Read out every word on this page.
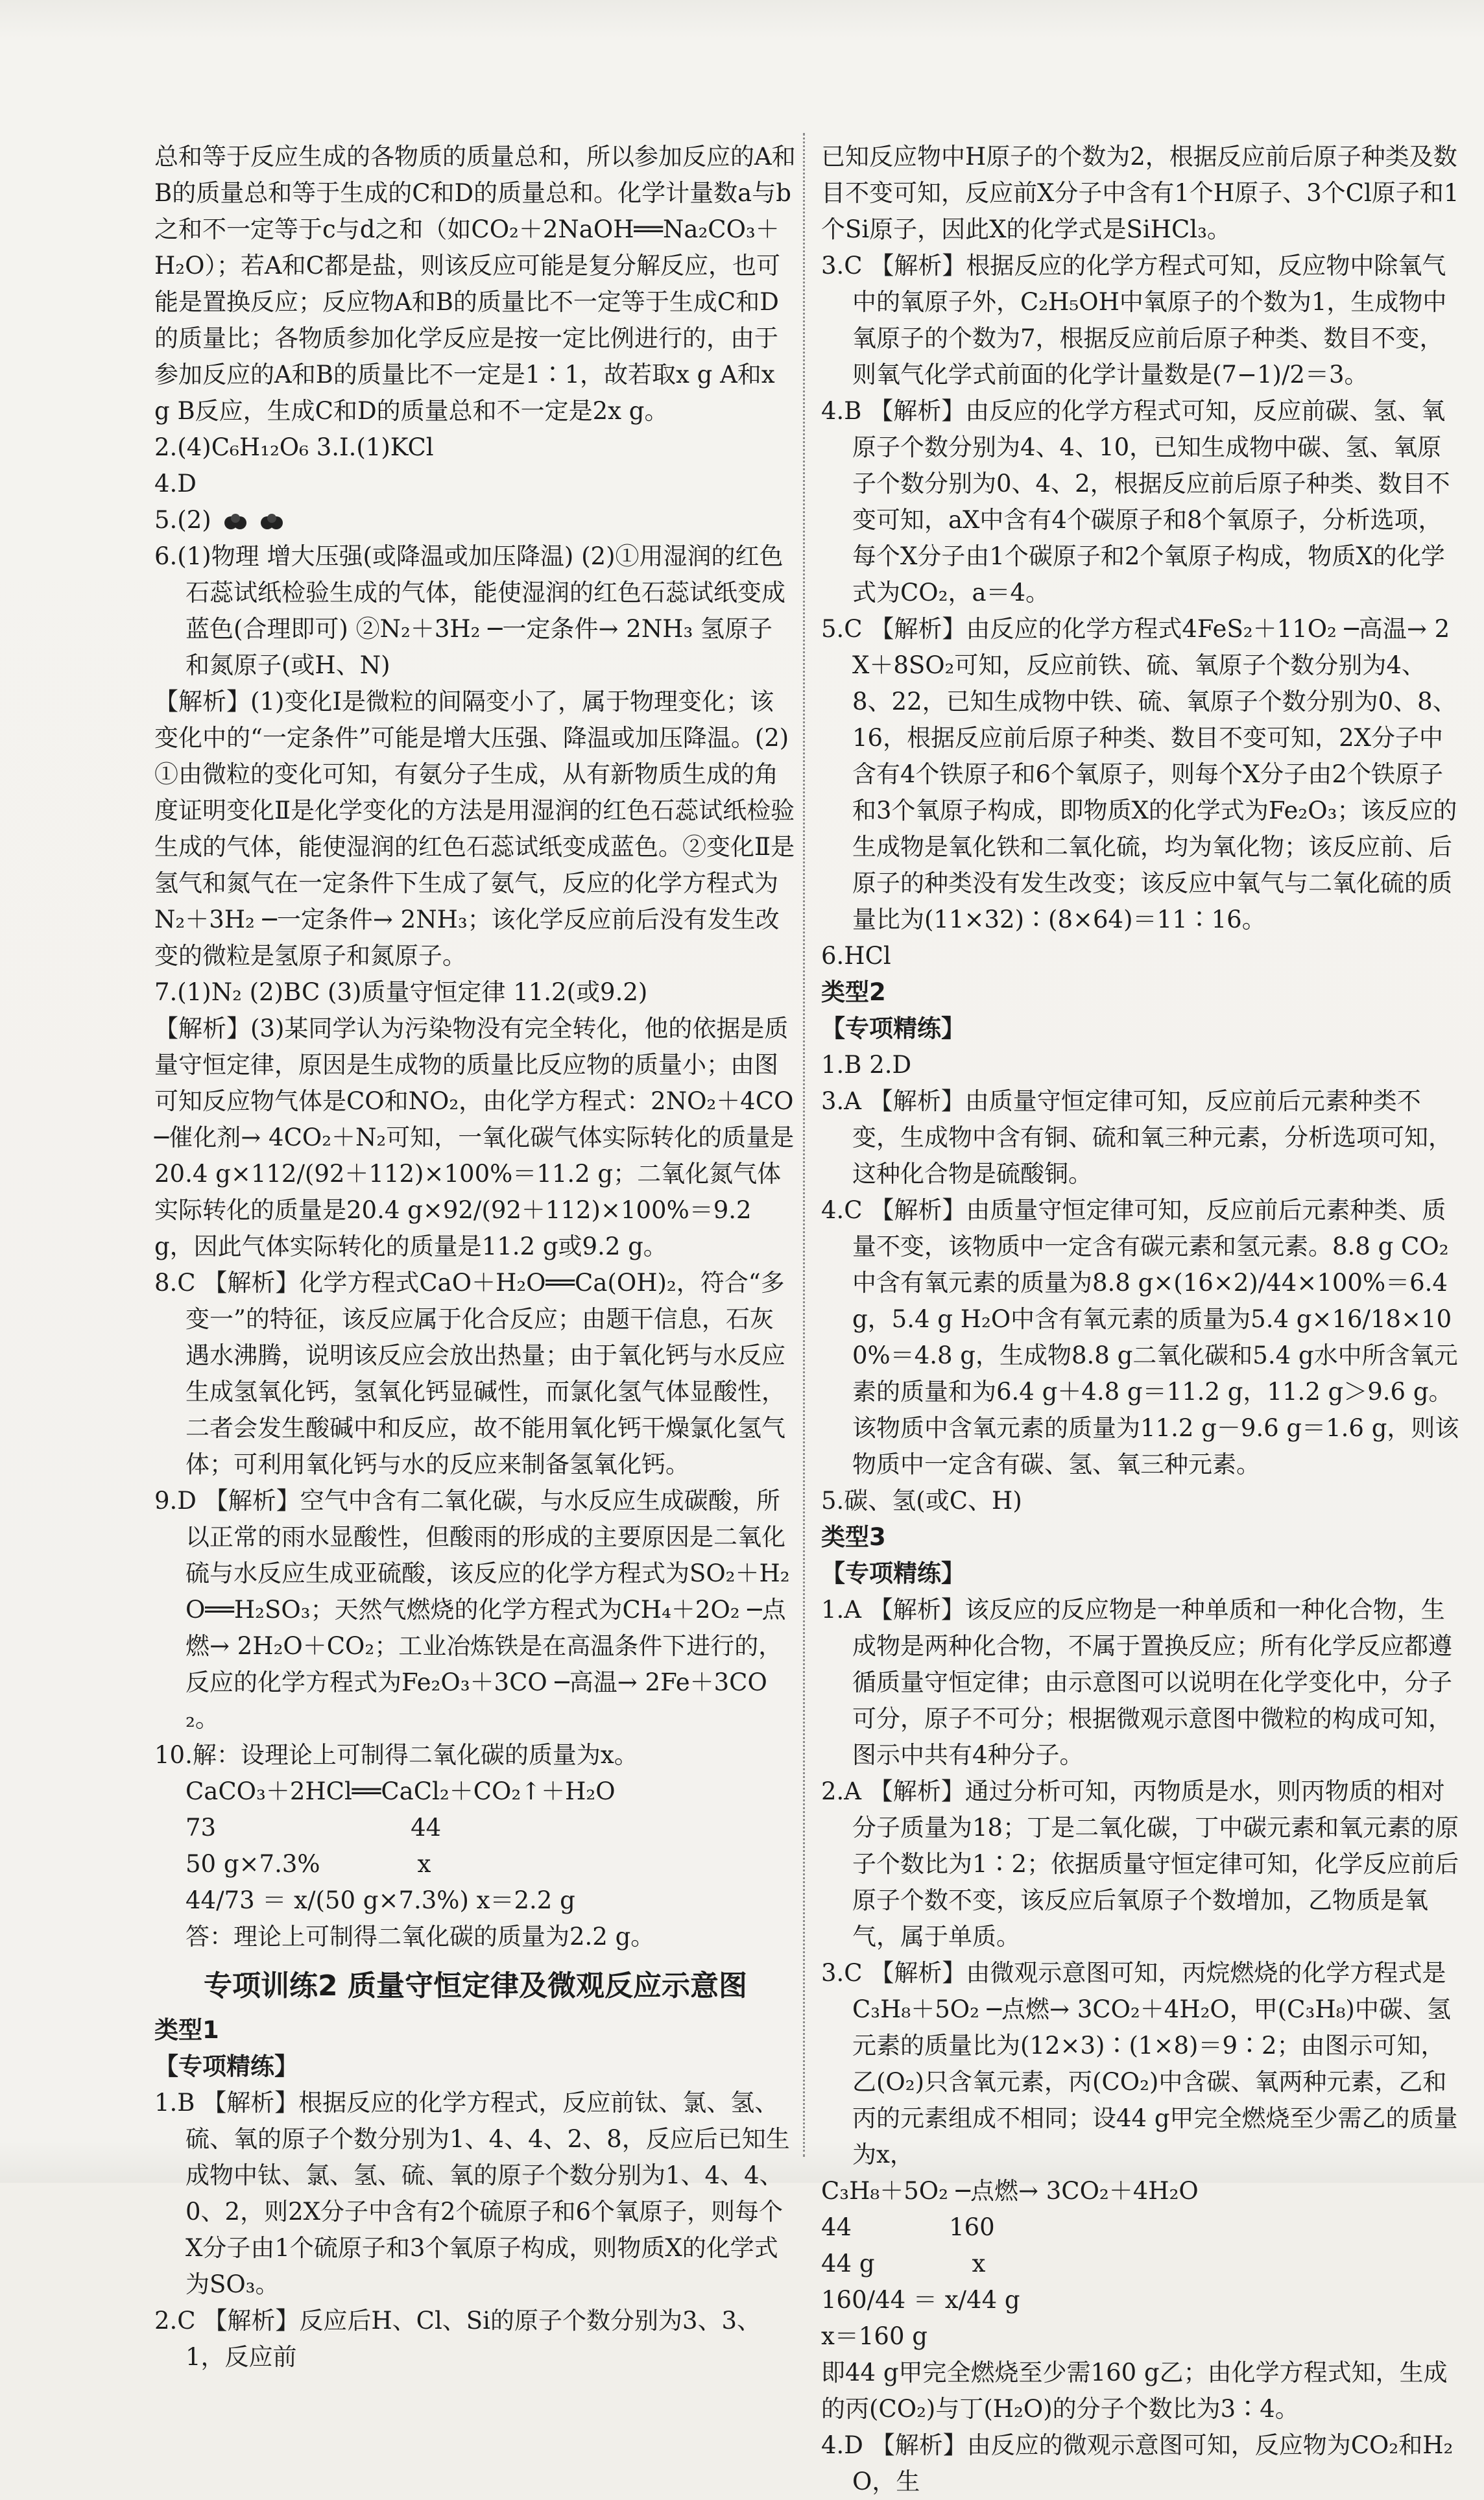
总和等于反应生成的各物质的质量总和，所以参加反应的A和B的质量总和等于生成的C和D的质量总和。化学计量数a与b之和不一定等于c与d之和（如CO₂＋2NaOH══Na₂CO₃＋H₂O）；若A和C都是盐，则该反应可能是复分解反应，也可能是置换反应；反应物A和B的质量比不一定等于生成C和D的质量比；各物质参加化学反应是按一定比例进行的，由于参加反应的A和B的质量比不一定是1∶1，故若取x g A和x g B反应，生成C和D的质量总和不一定是2x g。

2.(4)C₆H₁₂O₆ 3.Ⅰ.(1)KCl

4.D

5.(2)

6.(1)物理 增大压强(或降温或加压降温) (2)①用湿润的红色石蕊试纸检验生成的气体，能使湿润的红色石蕊试纸变成蓝色(合理即可) ②N₂＋3H₂ ─一定条件→ 2NH₃ 氢原子和氮原子(或H、N)

【解析】(1)变化Ⅰ是微粒的间隔变小了，属于物理变化；该变化中的“一定条件”可能是增大压强、降温或加压降温。(2)①由微粒的变化可知，有氨分子生成，从有新物质生成的角度证明变化Ⅱ是化学变化的方法是用湿润的红色石蕊试纸检验生成的气体，能使湿润的红色石蕊试纸变成蓝色。②变化Ⅱ是氢气和氮气在一定条件下生成了氨气，反应的化学方程式为N₂＋3H₂ ─一定条件→ 2NH₃；该化学反应前后没有发生改变的微粒是氢原子和氮原子。

7.(1)N₂ (2)BC (3)质量守恒定律 11.2(或9.2)

【解析】(3)某同学认为污染物没有完全转化，他的依据是质量守恒定律，原因是生成物的质量比反应物的质量小；由图可知反应物气体是CO和NO₂，由化学方程式：2NO₂＋4CO ─催化剂→ 4CO₂＋N₂可知，一氧化碳气体实际转化的质量是20.4 g×112/(92＋112)×100%＝11.2 g；二氧化氮气体实际转化的质量是20.4 g×92/(92＋112)×100%＝9.2 g，因此气体实际转化的质量是11.2 g或9.2 g。

8.C 【解析】化学方程式CaO＋H₂O══Ca(OH)₂，符合“多变一”的特征，该反应属于化合反应；由题干信息，石灰遇水沸腾，说明该反应会放出热量；由于氧化钙与水反应生成氢氧化钙，氢氧化钙显碱性，而氯化氢气体显酸性，二者会发生酸碱中和反应，故不能用氧化钙干燥氯化氢气体；可利用氧化钙与水的反应来制备氢氧化钙。

9.D 【解析】空气中含有二氧化碳，与水反应生成碳酸，所以正常的雨水显酸性，但酸雨的形成的主要原因是二氧化硫与水反应生成亚硫酸，该反应的化学方程式为SO₂＋H₂O══H₂SO₃；天然气燃烧的化学方程式为CH₄＋2O₂ ─点燃→ 2H₂O＋CO₂；工业冶炼铁是在高温条件下进行的，反应的化学方程式为Fe₂O₃＋3CO ─高温→ 2Fe＋3CO₂。

10.解：设理论上可制得二氧化碳的质量为x。

CaCO₃＋2HCl══CaCl₂＋CO₂↑＋H₂O
73	44
50 g×7.3%	x
44/73 ＝ x/(50 g×7.3%) x＝2.2 g
答：理论上可制得二氧化碳的质量为2.2 g。
专项训练2 质量守恒定律及微观反应示意图

类型1

【专项精练】

1.B 【解析】根据反应的化学方程式，反应前钛、氯、氢、硫、氧的原子个数分别为1、4、4、2、8，反应后已知生成物中钛、氯、氢、硫、氧的原子个数分别为1、4、4、0、2，则2X分子中含有2个硫原子和6个氧原子，则每个X分子由1个硫原子和3个氧原子构成，则物质X的化学式为SO₃。

2.C 【解析】反应后H、Cl、Si的原子个数分别为3、3、1，反应前

已知反应物中H原子的个数为2，根据反应前后原子种类及数目不变可知，反应前X分子中含有1个H原子、3个Cl原子和1个Si原子，因此X的化学式是SiHCl₃。

3.C 【解析】根据反应的化学方程式可知，反应物中除氧气中的氧原子外，C₂H₅OH中氧原子的个数为1，生成物中氧原子的个数为7，根据反应前后原子种类、数目不变，则氧气化学式前面的化学计量数是(7−1)/2＝3。

4.B 【解析】由反应的化学方程式可知，反应前碳、氢、氧原子个数分别为4、4、10，已知生成物中碳、氢、氧原子个数分别为0、4、2，根据反应前后原子种类、数目不变可知，aX中含有4个碳原子和8个氧原子，分析选项，每个X分子由1个碳原子和2个氧原子构成，物质X的化学式为CO₂，a＝4。

5.C 【解析】由反应的化学方程式4FeS₂＋11O₂ ─高温→ 2X＋8SO₂可知，反应前铁、硫、氧原子个数分别为4、8、22，已知生成物中铁、硫、氧原子个数分别为0、8、16，根据反应前后原子种类、数目不变可知，2X分子中含有4个铁原子和6个氧原子，则每个X分子由2个铁原子和3个氧原子构成，即物质X的化学式为Fe₂O₃；该反应的生成物是氧化铁和二氧化硫，均为氧化物；该反应前、后原子的种类没有发生改变；该反应中氧气与二氧化硫的质量比为(11×32)∶(8×64)＝11∶16。

6.HCl

类型2

【专项精练】

1.B 2.D

3.A 【解析】由质量守恒定律可知，反应前后元素种类不变，生成物中含有铜、硫和氧三种元素，分析选项可知，这种化合物是硫酸铜。

4.C 【解析】由质量守恒定律可知，反应前后元素种类、质量不变，该物质中一定含有碳元素和氢元素。8.8 g CO₂中含有氧元素的质量为8.8 g×(16×2)/44×100%＝6.4 g，5.4 g H₂O中含有氧元素的质量为5.4 g×16/18×100%＝4.8 g，生成物8.8 g二氧化碳和5.4 g水中所含氧元素的质量和为6.4 g＋4.8 g＝11.2 g，11.2 g＞9.6 g。该物质中含氧元素的质量为11.2 g－9.6 g＝1.6 g，则该物质中一定含有碳、氢、氧三种元素。

5.碳、氢(或C、H)

类型3

【专项精练】

1.A 【解析】该反应的反应物是一种单质和一种化合物，生成物是两种化合物，不属于置换反应；所有化学反应都遵循质量守恒定律；由示意图可以说明在化学变化中，分子可分，原子不可分；根据微观示意图中微粒的构成可知，图示中共有4种分子。

2.A 【解析】通过分析可知，丙物质是水，则丙物质的相对分子质量为18；丁是二氧化碳，丁中碳元素和氧元素的原子个数比为1∶2；依据质量守恒定律可知，化学反应前后原子个数不变，该反应后氧原子个数增加，乙物质是氧气，属于单质。

3.C 【解析】由微观示意图可知，丙烷燃烧的化学方程式是C₃H₈＋5O₂ ─点燃→ 3CO₂＋4H₂O，甲(C₃H₈)中碳、氢元素的质量比为(12×3)∶(1×8)＝9∶2；由图示可知，乙(O₂)只含氧元素，丙(CO₂)中含碳、氧两种元素，乙和丙的元素组成不相同；设44 g甲完全燃烧至少需乙的质量为x，

C₃H₈＋5O₂ ─点燃→ 3CO₂＋4H₂O
44	160
44 g	x
160/44 ＝ x/44 g
x＝160 g

即44 g甲完全燃烧至少需160 g乙；由化学方程式知，生成的丙(CO₂)与丁(H₂O)的分子个数比为3∶4。

4.D 【解析】由反应的微观示意图可知，反应物为CO₂和H₂O，生
